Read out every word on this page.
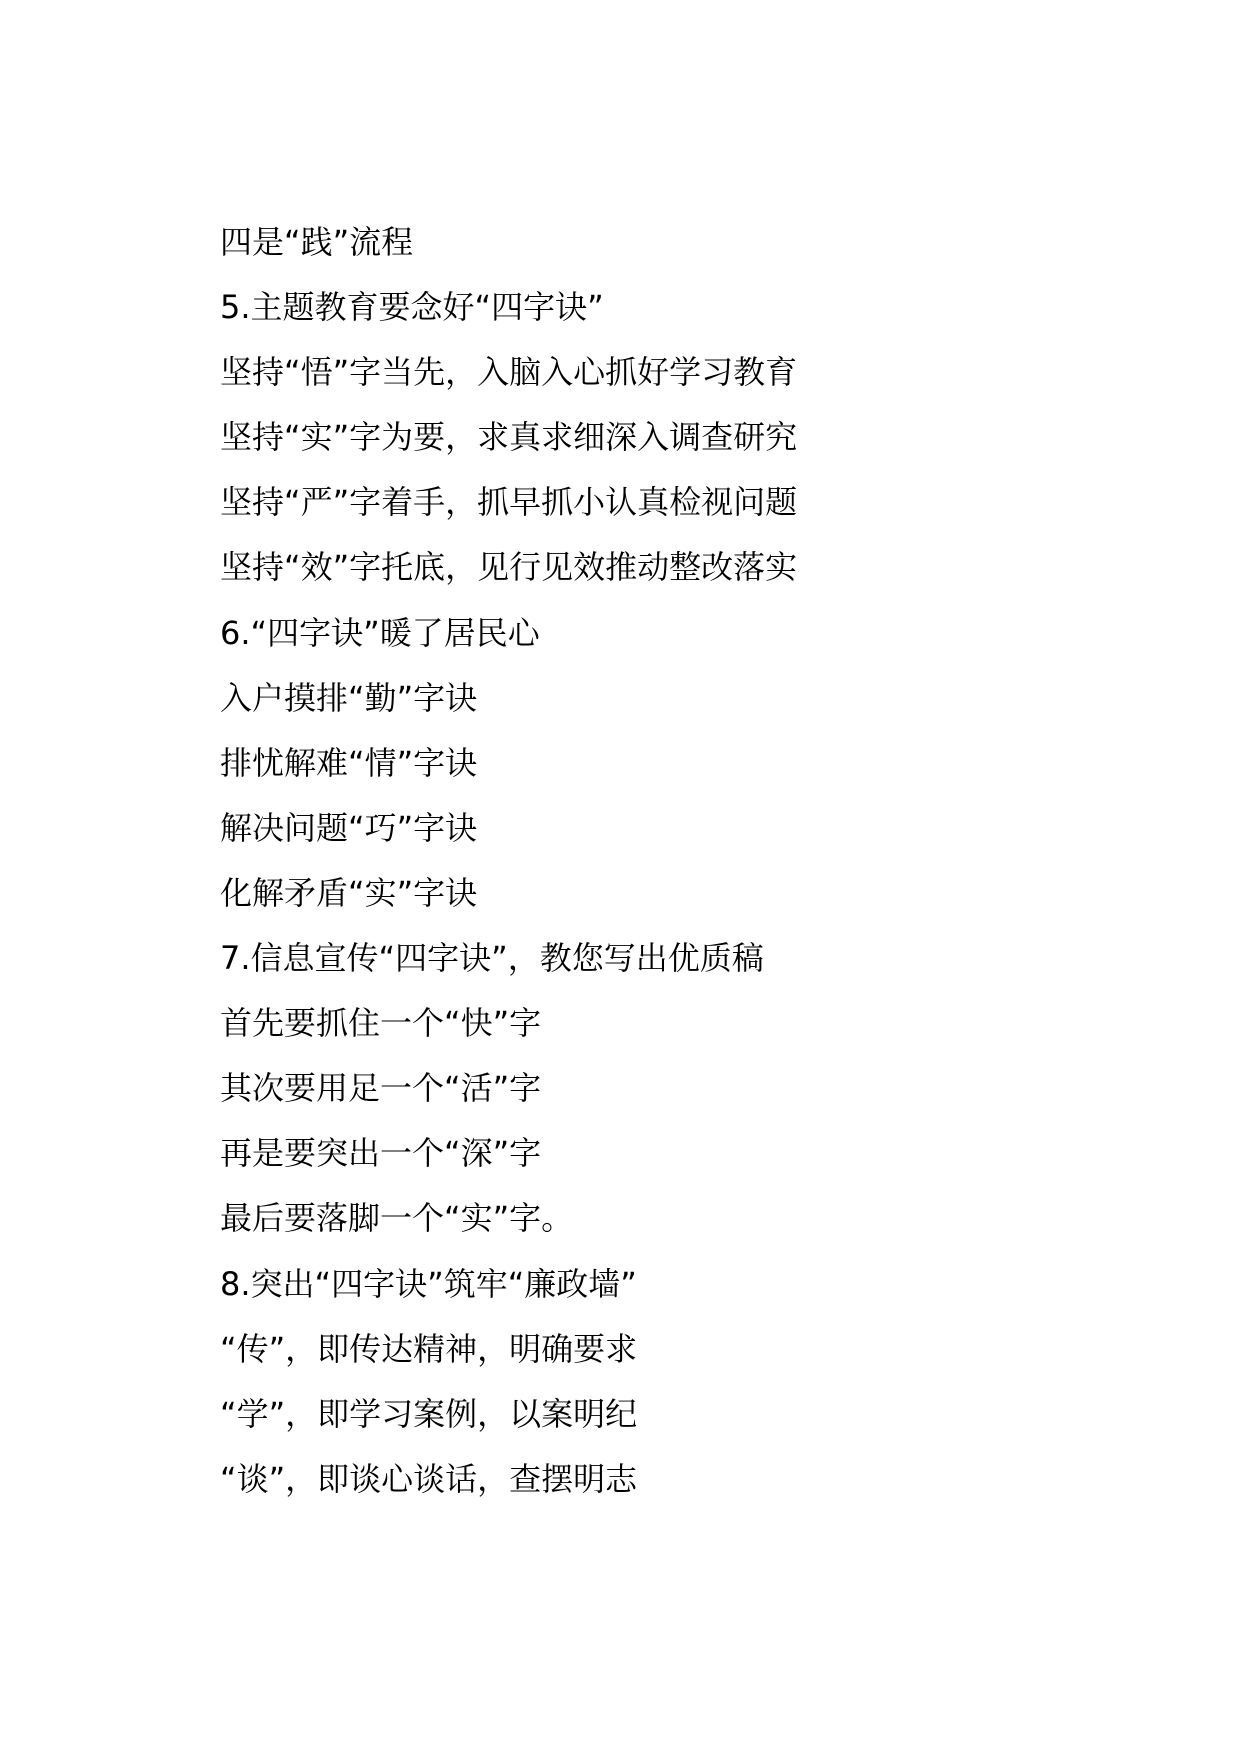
四是“践”流程
5.主题教育要念好“四字诀”
坚持“悟”字当先，入脑入心抓好学习教育
坚持“实”字为要，求真求细深入调查研究
坚持“严”字着手，抓早抓小认真检视问题
坚持“效”字托底，见行见效推动整改落实
6.“四字诀”暖了居民心
入户摸排“勤”字诀
排忧解难“情”字诀
解决问题“巧”字诀
化解矛盾“实”字诀
7.信息宣传“四字诀”，教您写出优质稿
首先要抓住一个“快”字
其次要用足一个“活”字
再是要突出一个“深”字
最后要落脚一个“实”字。
8.突出“四字诀”筑牢“廉政墙”
“传”，即传达精神，明确要求
“学”，即学习案例，以案明纪
“谈”，即谈心谈话，查摆明志
